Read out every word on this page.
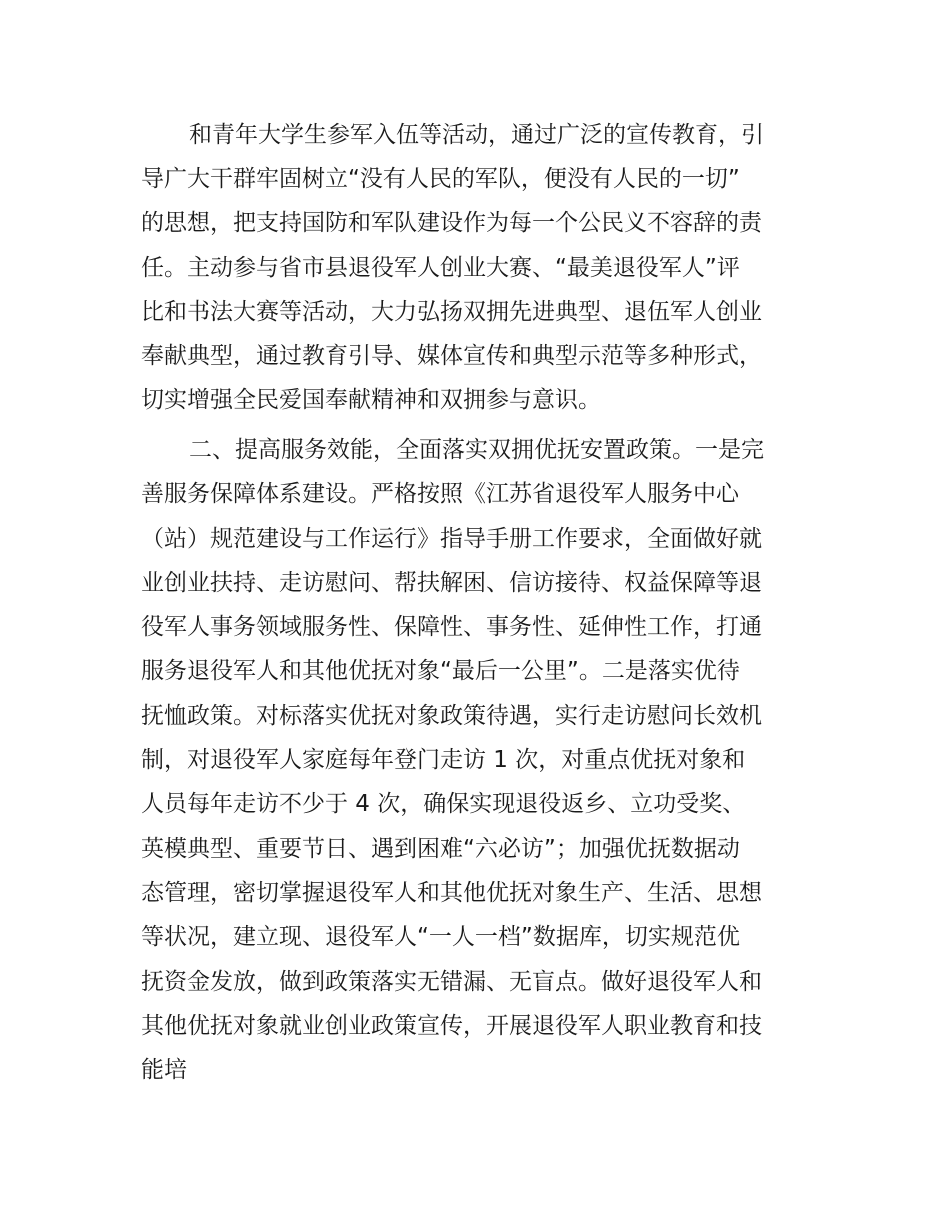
和青年大学生参军入伍等活动，通过广泛的宣传教育，引
导广大干群牢固树立“没有人民的军队，便没有人民的一切”
的思想，把支持国防和军队建设作为每一个公民义不容辞的责
任。主动参与省市县退役军人创业大赛、“最美退役军人”评
比和书法大赛等活动，大力弘扬双拥先进典型、退伍军人创业
奉献典型，通过教育引导、媒体宣传和典型示范等多种形式，
切实增强全民爱国奉献精神和双拥参与意识。
二、提高服务效能，全面落实双拥优抚安置政策。一是完
善服务保障体系建设。严格按照《江苏省退役军人服务中心
（站）规范建设与工作运行》指导手册工作要求，全面做好就
业创业扶持、走访慰问、帮扶解困、信访接待、权益保障等退
役军人事务领域服务性、保障性、事务性、延伸性工作，打通
服务退役军人和其他优抚对象“最后一公里”。二是落实优待
抚恤政策。对标落实优抚对象政策待遇，实行走访慰问长效机
制，对退役军人家庭每年登门走访 1 次，对重点优抚对象和
人员每年走访不少于 4 次，确保实现退役返乡、立功受奖、
英模典型、重要节日、遇到困难“六必访”；加强优抚数据动
态管理，密切掌握退役军人和其他优抚对象生产、生活、思想
等状况，建立现、退役军人“一人一档”数据库，切实规范优
抚资金发放，做到政策落实无错漏、无盲点。做好退役军人和
其他优抚对象就业创业政策宣传，开展退役军人职业教育和技
能培
